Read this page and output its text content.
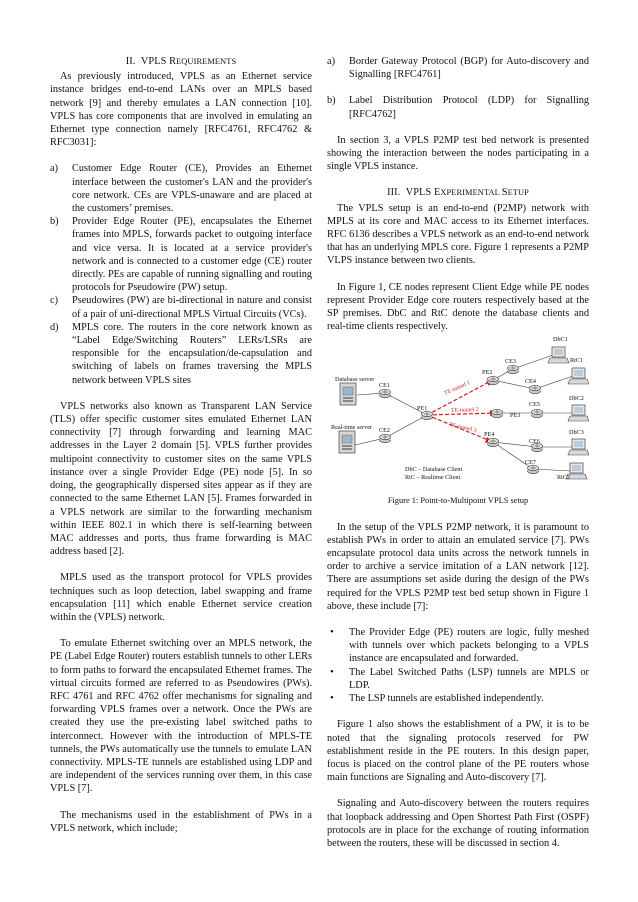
II. VPLS REQUIREMENTS

As previously introduced, VPLS as an Ethernet service instance bridges end-to-end LANs over an MPLS based network [9] and thereby emulates a LAN connection [10]. VPLS has core components that are involved in emulating an Ethernet type connection namely [RFC4761, RFC4762 & RFC3031]:

a) Customer Edge Router (CE), Provides an Ethernet interface between the customer's LAN and the provider's core network. CEs are VPLS-unaware and are placed at the customers’ premises.
b) Provider Edge Router (PE), encapsulates the Ethernet frames into MPLS, forwards packet to outgoing interface and vice versa. It is located at a service provider's network and is connected to a customer edge (CE) router directly. PEs are capable of running signalling and routing protocols for Pseudowire (PW) setup.
c) Pseudowires (PW) are bi-directional in nature and consist of a pair of uni-directional MPLS Virtual Circuits (VCs).
d) MPLS core. The routers in the core network known as “Label Edge/Switching Routers” LERs/LSRs are responsible for the encapsulation/de-capsulation and switching of labels on frames traversing the MPLS network between VPLS sites

VPLS networks also known as Transparent LAN Service (TLS) offer specific customer sites emulated Ethernet LAN connectivity [7] through forwarding and learning MAC addresses in the Layer 2 domain [5]. VPLS further provides multipoint connectivity to customer sites on the same VPLS instance over a single Provider Edge (PE) node [5]. In so doing, the geographically dispersed sites appear as if they are connected to the same Ethernet LAN [5]. Frames forwarded in a VPLS network are similar to the forwarding mechanism within IEEE 802.1 in which there is self-learning between MAC addresses and ports, thus frame forwarding is MAC address based [2].

MPLS used as the transport protocol for VPLS provides techniques such as loop detection, label swapping and frame encapsulation [11] which enable Ethernet service creation within the (VPLS) network.

To emulate Ethernet switching over an MPLS network, the PE (Label Edge Router) routers establish tunnels to other LERs to form paths to forward the encapsulated Ethernet frames. The virtual circuits formed are referred to as Pseudowires (PWs). RFC 4761 and RFC 4762 offer mechanisms for signaling and forwarding VPLS frames over a network. Once the PWs are created they use the pre-existing label switched paths to interconnect. However with the introduction of MPLS-TE tunnels, the PWs automatically use the tunnels to emulate LAN connectivity. MPLS-TE tunnels are established using LDP and are independent of the services running over them, in this case VPLS [7].

The mechanisms used in the establishment of PWs in a VPLS network, which include;

a) Border Gateway Protocol (BGP) for Auto-discovery and Signalling [RFC4761]
b) Label Distribution Protocol (LDP) for Signalling [RFC4762]

In section 3, a VPLS P2MP test bed network is presented showing the interaction between the nodes participating in a single VPLS instance.

III. VPLS EXPERIMENTAL SETUP

The VPLS setup is an end-to-end (P2MP) network with MPLS at its core and MAC access to its Ethernet interfaces. RFC 6136 describes a VPLS network as an end-to-end network that has an underlying MPLS core. Figure 1 represents a P2MP VLPS instance between two clients.

In Figure 1, CE nodes represent Client Edge while PE nodes represent Provider Edge core routers respectively based at the SP premises. DbC and RtC denote the database clients and real-time clients respectively.

Database server
Real-time server
CE1
CE2
PE1
PE2
CE3
CE4
PE3
CE5
PE4
CE6
CE7
DbC1
RtC1
DbC2
DbC3
RtC2
DbC – Database Client
RtC – Realtime Client
TE-tunnel 1
TE-tunnel 2
TE-tunnel 3
Figure 1: Point-to-Multipoint VPLS setup

In the setup of the VPLS P2MP network, it is paramount to establish PWs in order to attain an emulated service [7]. PWs encapsulate protocol data units across the network tunnels in order to archive a service imitation of a LAN network [12]. There are assumptions set aside during the design of the PWs required for the VPLS P2MP test bed setup shown in Figure 1 above, these include [7]:

• The Provider Edge (PE) routers are logic, fully meshed with tunnels over which packets belonging to a VPLS instance are encapsulated and forwarded.
• The Label Switched Paths (LSP) tunnels are MPLS or LDP.
• The LSP tunnels are established independently.

Figure 1 also shows the establishment of a PW, it is to be noted that the signaling protocols reserved for PW establishment reside in the PE routers. In this design paper, focus is placed on the control plane of the PE routers whose main functions are Signaling and Auto-discovery [7].

Signaling and Auto-discovery between the routers requires that loopback addressing and Open Shortest Path First (OSPF) protocols are in place for the exchange of routing information between the routers, these will be discussed in section 4.
